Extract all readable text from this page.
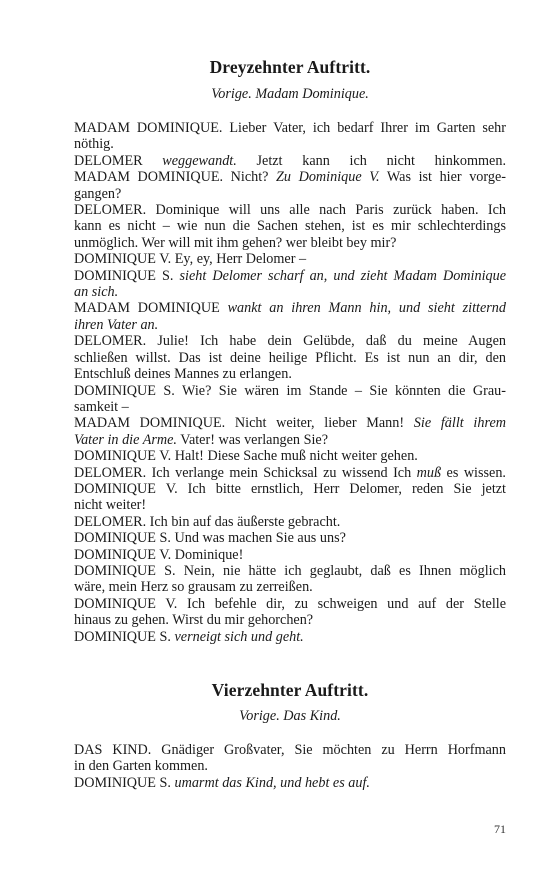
Dreyzehnter Auftritt.

Vorige. Madam Dominique.

MADAM DOMINIQUE. Lieber Vater, ich bedarf Ihrer im Garten sehr
nöthig.
DELOMER weggewandt. Jetzt kann ich nicht hinkommen.
MADAM DOMINIQUE. Nicht? Zu Dominique V. Was ist hier vorge-
gangen?
DELOMER. Dominique will uns alle nach Paris zurück haben. Ich
kann es nicht – wie nun die Sachen stehen, ist es mir schlechterdings
unmöglich. Wer will mit ihm gehen? wer bleibt bey mir?
DOMINIQUE V. Ey, ey, Herr Delomer –
DOMINIQUE S. sieht Delomer scharf an, und zieht Madam Dominique
an sich.
MADAM DOMINIQUE wankt an ihren Mann hin, und sieht zitternd
ihren Vater an.
DELOMER. Julie! Ich habe dein Gelübde, daß du meine Augen
schließen willst. Das ist deine heilige Pflicht. Es ist nun an dir, den
Entschluß deines Mannes zu erlangen.
DOMINIQUE S. Wie? Sie wären im Stande – Sie könnten die Grau-
samkeit –
MADAM DOMINIQUE. Nicht weiter, lieber Mann! Sie fällt ihrem
Vater in die Arme. Vater! was verlangen Sie?
DOMINIQUE V. Halt! Diese Sache muß nicht weiter gehen.
DELOMER. Ich verlange mein Schicksal zu wissend Ich muß es wissen.
DOMINIQUE V. Ich bitte ernstlich, Herr Delomer, reden Sie jetzt
nicht weiter!
DELOMER. Ich bin auf das äußerste gebracht.
DOMINIQUE S. Und was machen Sie aus uns?
DOMINIQUE V. Dominique!
DOMINIQUE S. Nein, nie hätte ich geglaubt, daß es Ihnen möglich
wäre, mein Herz so grausam zu zerreißen.
DOMINIQUE V. Ich befehle dir, zu schweigen und auf der Stelle
hinaus zu gehen. Wirst du mir gehorchen?
DOMINIQUE S. verneigt sich und geht.
Vierzehnter Auftritt.

Vorige. Das Kind.

DAS KIND. Gnädiger Großvater, Sie möchten zu Herrn Horfmann
in den Garten kommen.
DOMINIQUE S. umarmt das Kind, und hebt es auf.
71
